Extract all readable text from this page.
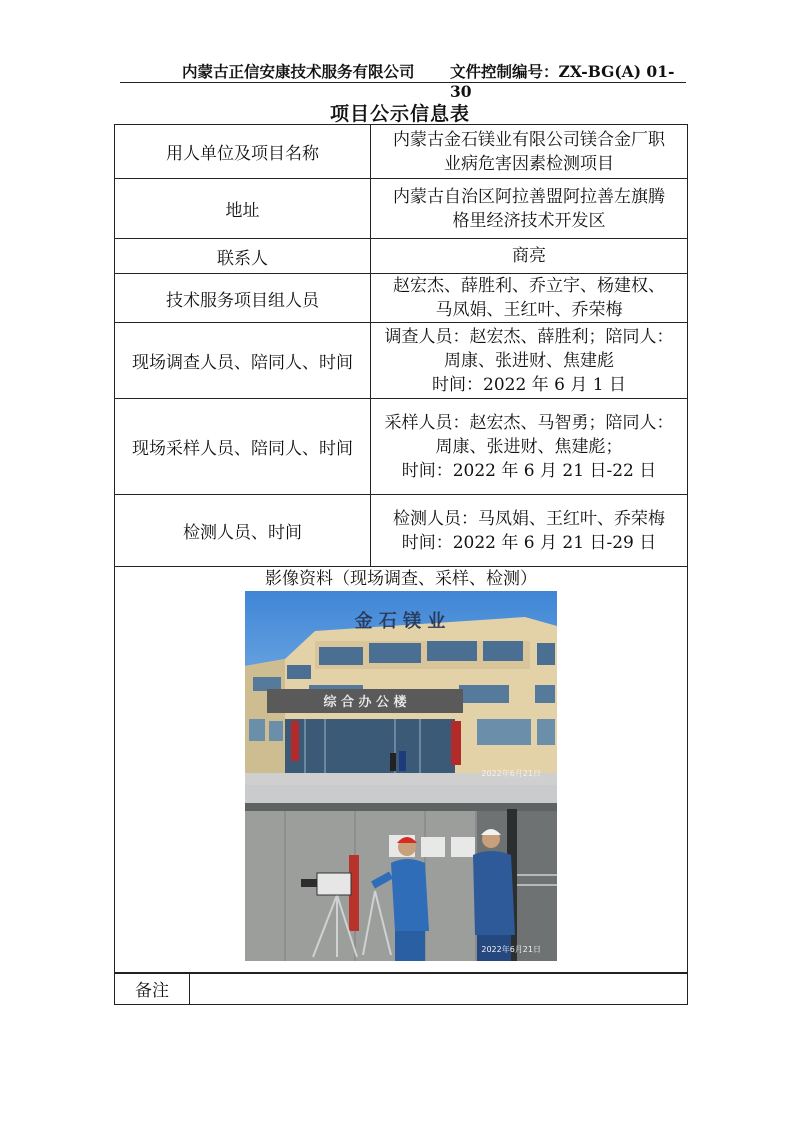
内蒙古正信安康技术服务有限公司 文件控制编号：ZX-BG(A) 01-30
项目公示信息表
用人单位及项目名称	内蒙古金石镁业有限公司镁合金厂职
业病危害因素检测项目

地址	内蒙古自治区阿拉善盟阿拉善左旗腾
格里经济技术开发区

联系人	商亮

技术服务项目组人员	赵宏杰、薛胜利、乔立宇、杨建权、
马凤娟、王红叶、乔荣梅

现场调查人员、陪同人、时间	调查人员：赵宏杰、薛胜利；陪同人：
周康、张进财、焦建彪
时间：2022 年 6 月 1 日

现场采样人员、陪同人、时间	采样人员：赵宏杰、马智勇；陪同人：
周康、张进财、焦建彪；
时间：2022 年 6 月 21 日-22 日

检测人员、时间	检测人员：马凤娟、王红叶、乔荣梅
时间：2022 年 6 月 21 日-29 日

影像资料（现场调查、采样、检测）
综 合 办 公 楼
金 石 镁 业
2022年6月21日
2022年6月21日	
备注	
